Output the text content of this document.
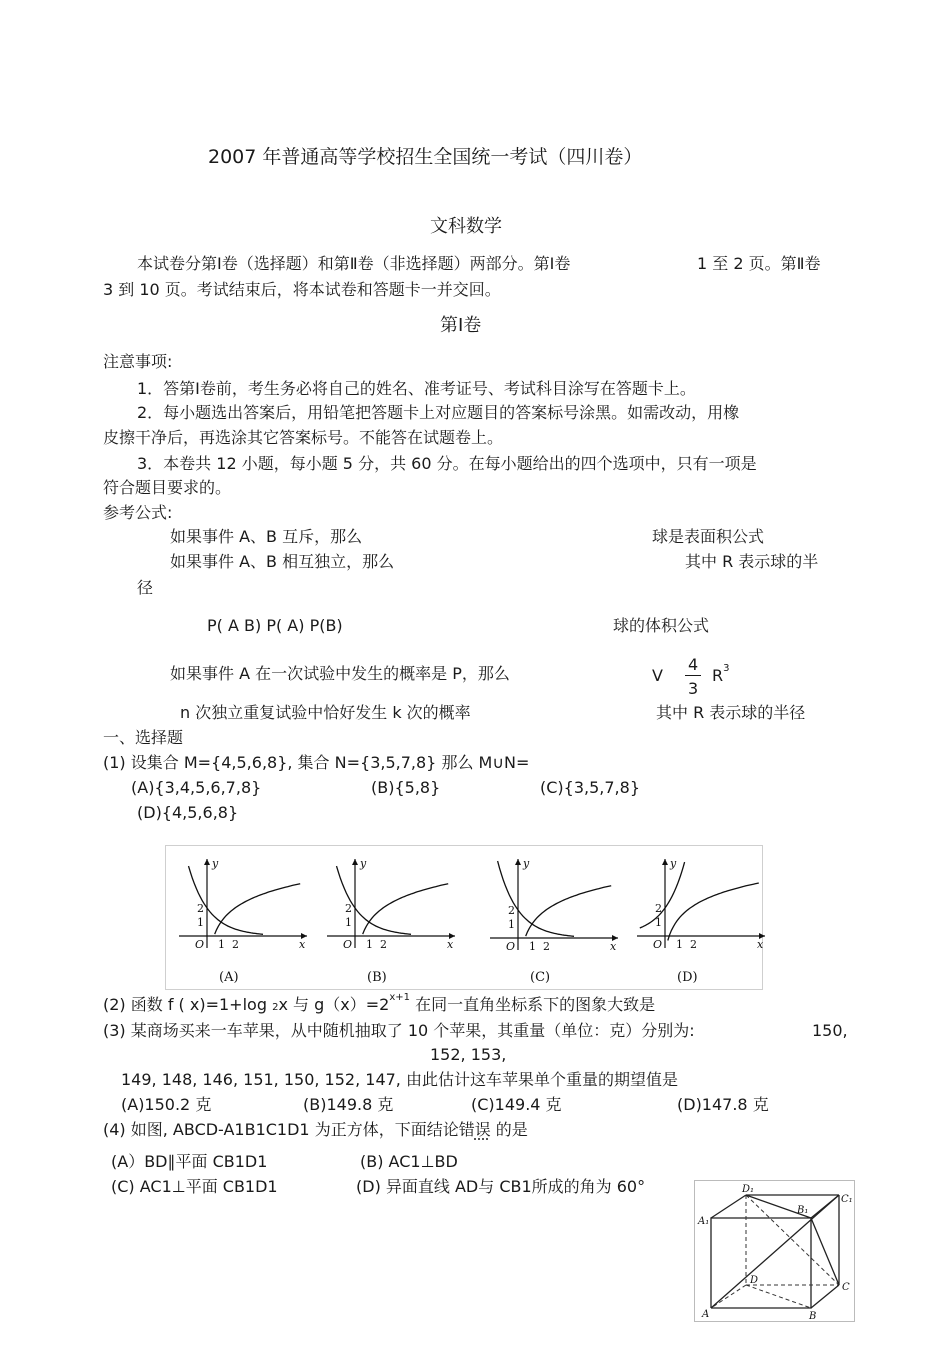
2007 年普通高等学校招生全国统一考试（四川卷）
文科数学
本试卷分第Ⅰ卷（选择题）和第Ⅱ卷（非选择题）两部分。第Ⅰ卷	1 至 2 页。第Ⅱ卷
3 到 10 页。考试结束后，将本试卷和答题卡一并交回。
第Ⅰ卷
注意事项:
1．答第Ⅰ卷前，考生务必将自己的姓名、准考证号、考试科目涂写在答题卡上。
2．每小题选出答案后，用铅笔把答题卡上对应题目的答案标号涂黑。如需改动，用橡
皮擦干净后，再选涂其它答案标号。不能答在试题卷上。
3．本卷共 12 小题，每小题 5 分，共 60 分。在每小题给出的四个选项中，只有一项是
符合题目要求的。
参考公式:
如果事件 A、B 互斥，那么	球是表面积公式
如果事件 A、B 相互独立，那么	其中 R 表示球的半
径
P( A B) P( A) P(B)	球的体积公式
如果事件 A 在一次试验中发生的概率是 P，那么	V
4
3
$R^3$
n 次独立重复试验中恰好发生 k 次的概率	其中 R 表示球的半径
一、选择题
(1) 设集合 M={4,5,6,8}, 集合 N={3,5,7,8} 那么 M∪N=
(A){3,4,5,6,7,8}	(B){5,8}	(C){3,5,7,8}
(D){4,5,6,8}
y
x
O 1 2
1
2
(A)
y
x
O 1 2
1
2
(B)
y
x
O 1 2
1
2
(C)
y
x
O 1 2
1
2
(D)
(2) 函数 f ( x)=1+log 2x 与 $g(x)=2^{x+1}$ 在同一直角坐标系下的图象大致是
(3) 某商场买来一车苹果，从中随机抽取了 10 个苹果，其重量（单位：克）分别为:	150,
152, 153,
149, 148, 146, 151, 150, 152, 147, 由此估计这车苹果单个重量的期望值是
(A)150.2 克	(B)149.8 克	(C)149.4 克	(D)147.8 克
(4) 如图, ABCD-A1B1C1D1 为正方体，下面结论错误 的是
(A）BD∥平面 CB1D1	(B) AC1⊥BD
(C) AC1⊥平面 CB1D1	(D) 异面直线 AD与 CB1所成的角为 60°
A₁
B₁
C₁
D₁
A	B
C
D
